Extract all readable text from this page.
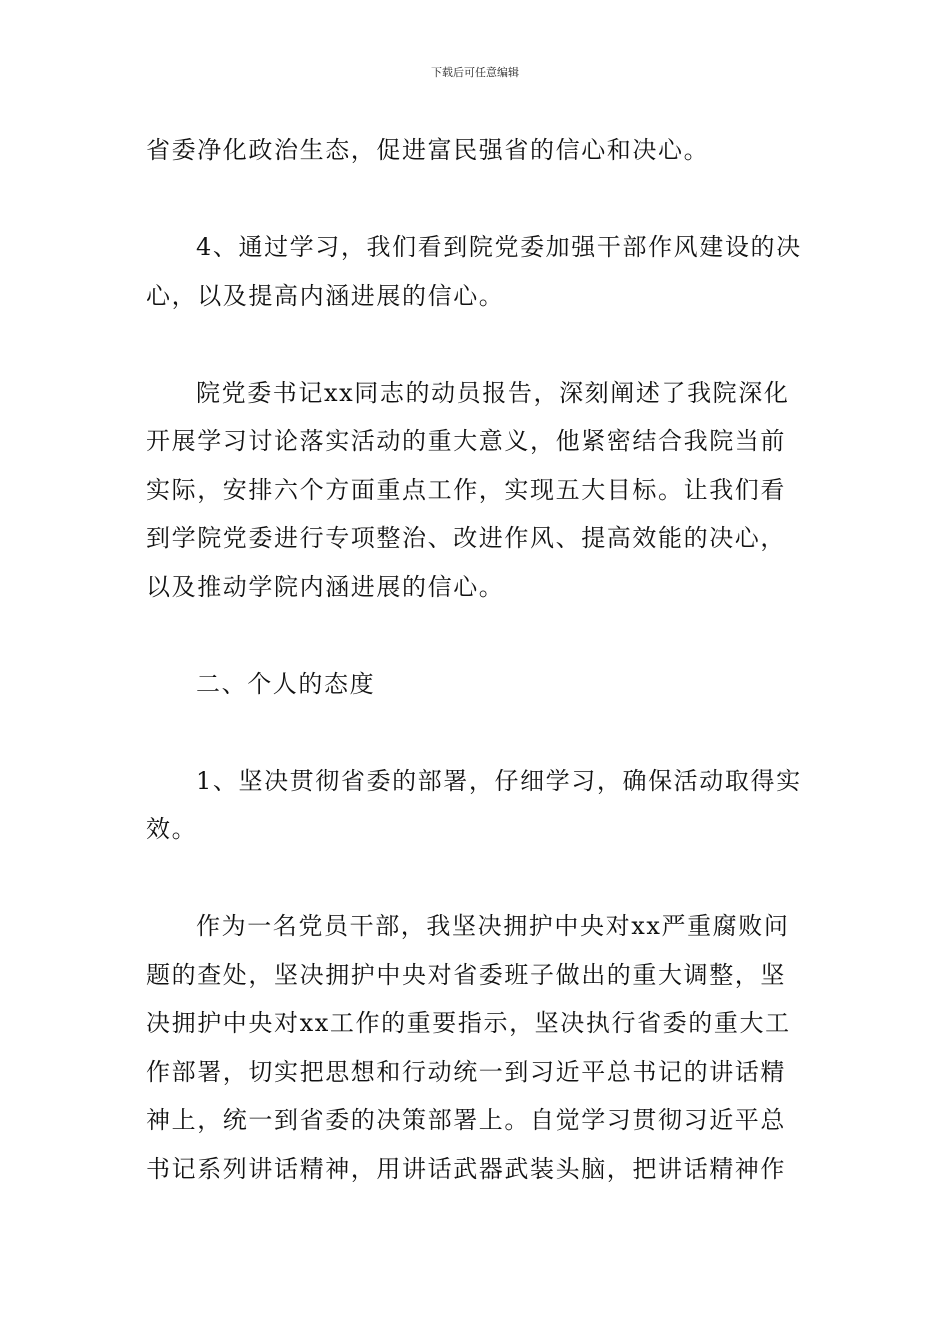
下载后可任意编辑

省委净化政治生态，促进富民强省的信心和决心。

4、通过学习，我们看到院党委加强干部作风建设的决心，以及提高内涵进展的信心。

院党委书记xx同志的动员报告，深刻阐述了我院深化开展学习讨论落实活动的重大意义，他紧密结合我院当前实际，安排六个方面重点工作，实现五大目标。让我们看到学院党委进行专项整治、改进作风、提高效能的决心，以及推动学院内涵进展的信心。

二、个人的态度

1、坚决贯彻省委的部署，仔细学习，确保活动取得实效。

作为一名党员干部，我坚决拥护中央对xx严重腐败问题的查处，坚决拥护中央对省委班子做出的重大调整，坚决拥护中央对xx工作的重要指示，坚决执行省委的重大工作部署，切实把思想和行动统一到习近平总书记的讲话精神上，统一到省委的决策部署上。自觉学习贯彻习近平总书记系列讲话精神，用讲话武器武装头脑，把讲话精神作
